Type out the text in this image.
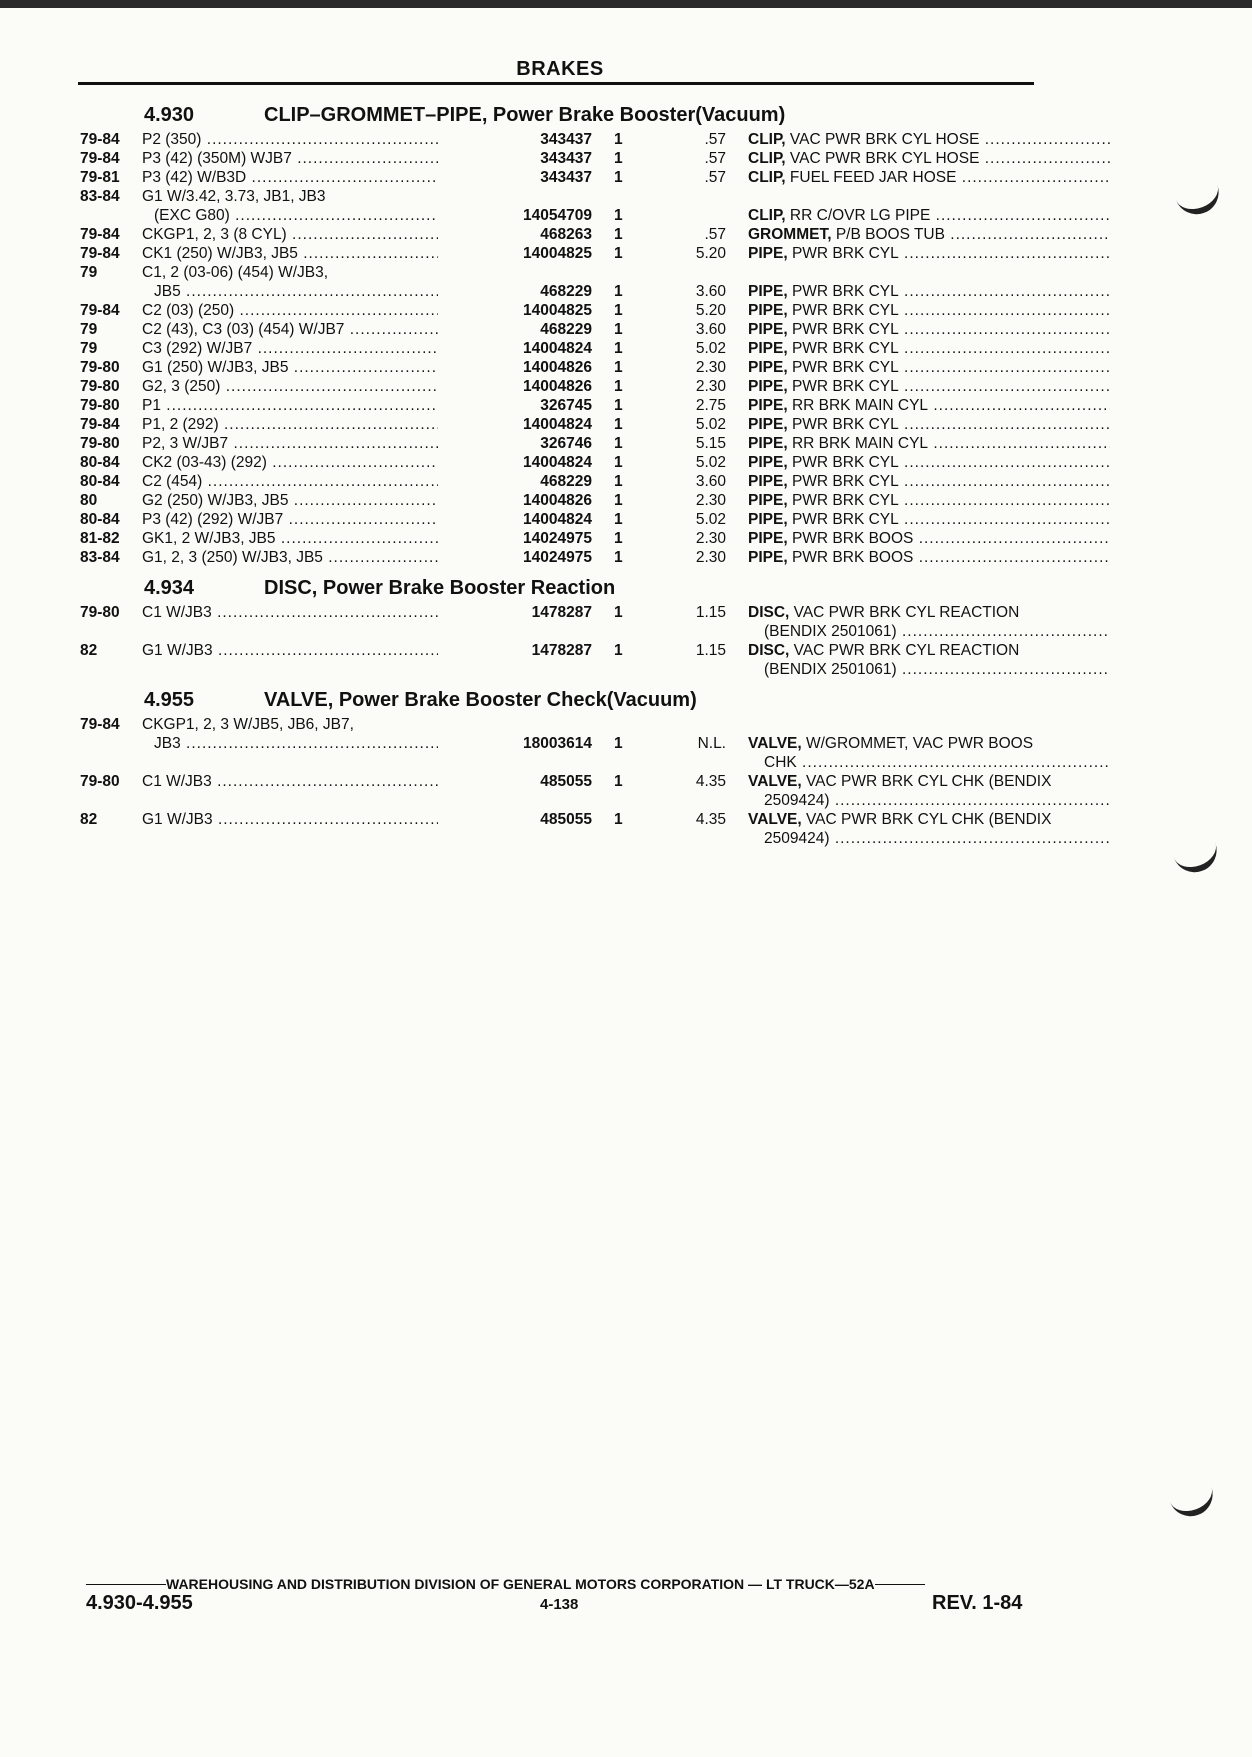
BRAKES
4.930	CLIP–GROMMET–PIPE, Power Brake Booster(Vacuum)
79-84 P2 (350) .....	343437 1	.57 CLIP, VAC PWR BRK CYL HOSE .....
79-84 P3 (42) (350M) WJB7 .....	343437 1	.57 CLIP, VAC PWR BRK CYL HOSE .....
79-81 P3 (42) W/B3D .....	343437 1	.57 CLIP, FUEL FEED JAR HOSE .....
83-84 G1 W/3.42, 3.73, JB1, JB3
(EXC G80) .....	14054709 1	CLIP, RR C/OVR LG PIPE .....
79-84 CKGP1, 2, 3 (8 CYL) .....	468263 1	.57 GROMMET, P/B BOOS TUB .....
79-84 CK1 (250) W/JB3, JB5 .....	14004825 1	5.20 PIPE, PWR BRK CYL .....
79	C1, 2 (03-06) (454) W/JB3,
JB5 .....	468229 1	3.60 PIPE, PWR BRK CYL .....
79-84 C2 (03) (250) .....	14004825 1	5.20 PIPE, PWR BRK CYL .....
79	C2 (43), C3 (03) (454) W/JB7 .....	468229 1	3.60 PIPE, PWR BRK CYL .....
79	C3 (292) W/JB7 .....	14004824 1	5.02 PIPE, PWR BRK CYL .....
79-80 G1 (250) W/JB3, JB5 .....	14004826 1	2.30 PIPE, PWR BRK CYL .....
79-80 G2, 3 (250) .....	14004826 1	2.30 PIPE, PWR BRK CYL .....
79-80 P1 .....	326745 1	2.75 PIPE, RR BRK MAIN CYL .....
79-84 P1, 2 (292) .....	14004824 1	5.02 PIPE, PWR BRK CYL .....
79-80 P2, 3 W/JB7 .....	326746 1	5.15 PIPE, RR BRK MAIN CYL .....
80-84 CK2 (03-43) (292) .....	14004824 1	5.02 PIPE, PWR BRK CYL .....
80-84 C2 (454) .....	468229 1	3.60 PIPE, PWR BRK CYL .....
80	G2 (250) W/JB3, JB5 .....	14004826 1	2.30 PIPE, PWR BRK CYL .....
80-84 P3 (42) (292) W/JB7 .....	14004824 1	5.02 PIPE, PWR BRK CYL .....
81-82 GK1, 2 W/JB3, JB5 .....	14024975 1	2.30 PIPE, PWR BRK BOOS .....
83-84 G1, 2, 3 (250) W/JB3, JB5 .....	14024975 1	2.30 PIPE, PWR BRK BOOS .....
4.934	DISC, Power Brake Booster Reaction
79-80 C1 W/JB3 .....	1478287 1	1.15 DISC, VAC PWR BRK CYL REACTION
(BENDIX 2501061) .....
82	G1 W/JB3 .....	1478287 1	1.15 DISC, VAC PWR BRK CYL REACTION
(BENDIX 2501061) .....
4.955	VALVE, Power Brake Booster Check(Vacuum)
79-84 CKGP1, 2, 3 W/JB5, JB6, JB7,
JB3 .....	18003614 1	N.L. VALVE, W/GROMMET, VAC PWR BOOS
CHK .....
79-80 C1 W/JB3 .....	485055 1	4.35 VALVE, VAC PWR BRK CYL CHK (BENDIX
2509424) .....
82	G1 W/JB3 .....	485055 1	4.35 VALVE, VAC PWR BRK CYL CHK (BENDIX
2509424) .....
WAREHOUSING AND DISTRIBUTION DIVISION OF GENERAL MOTORS CORPORATION — LT TRUCK—52A
4.930-4.955	4-138	REV. 1-84
